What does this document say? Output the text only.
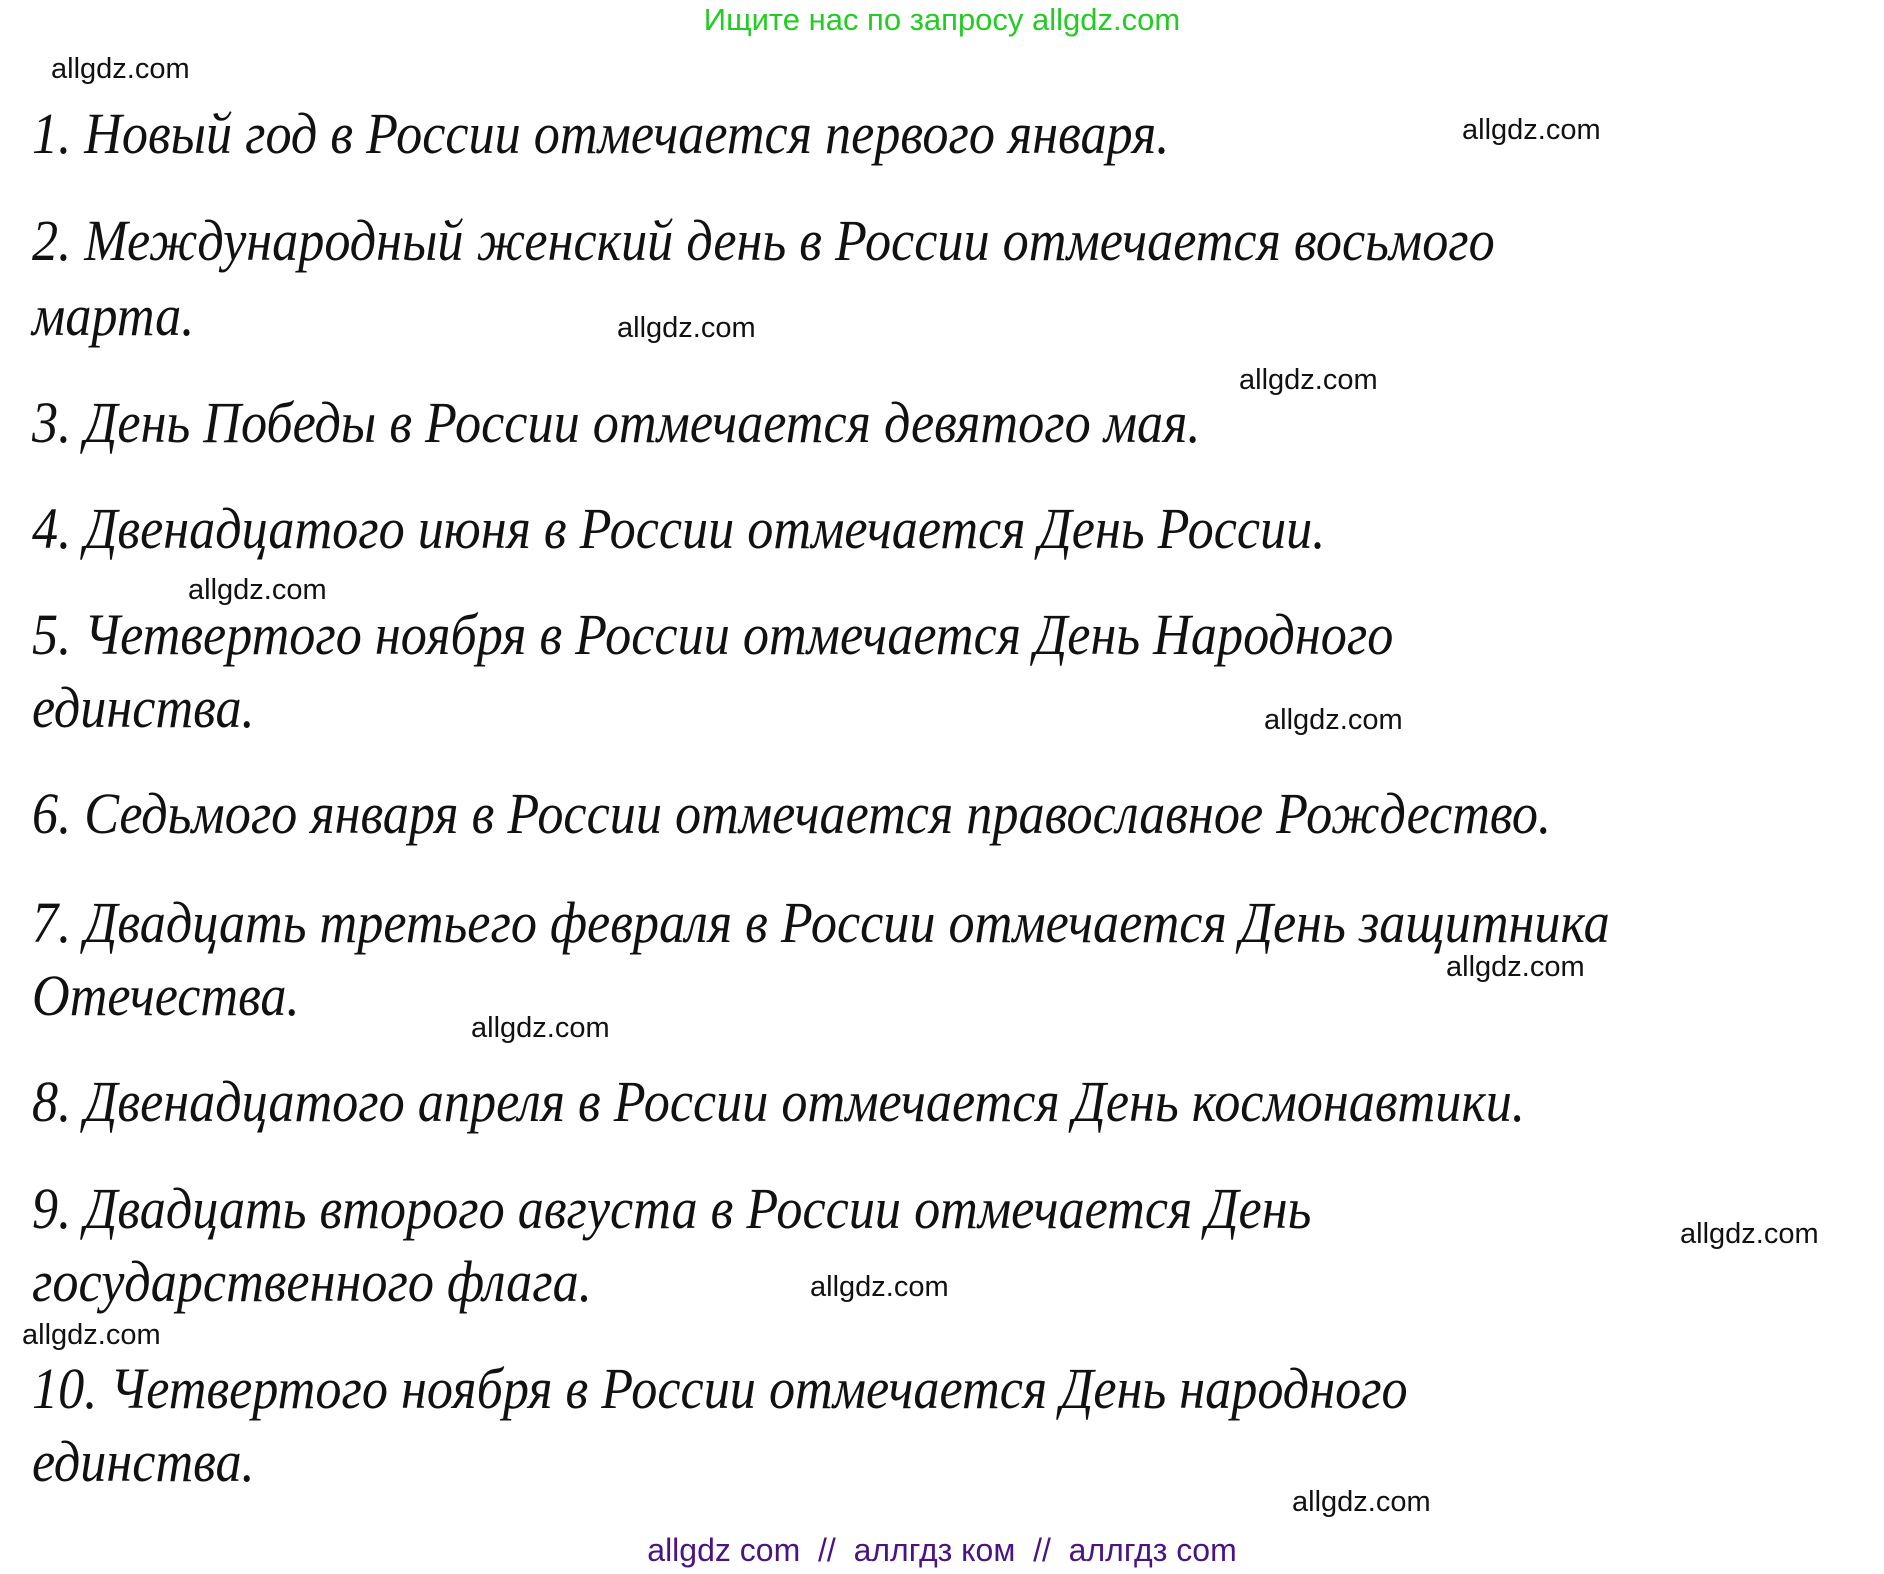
Ищите нас по запросу allgdz.com
1. Новый год в России отмечается первого января.
2. Международный женский день в России отмечается восьмого
марта.
3. День Победы в России отмечается девятого мая.
4. Двенадцатого июня в России отмечается День России.
5. Четвертого ноября в России отмечается День Народного
единства.
6. Седьмого января в России отмечается православное Рождество.
7. Двадцать третьего февраля в России отмечается День защитника
Отечества.
8. Двенадцатого апреля в России отмечается День космонавтики.
9. Двадцать второго августа в России отмечается День
государственного флага.
10. Четвертого ноября в России отмечается День народного
единства.
allgdz.com
allgdz.com
allgdz.com
allgdz.com
allgdz.com
allgdz.com
allgdz.com
allgdz.com
allgdz.com
allgdz.com
allgdz.com
allgdz.com
allgdz com  //  аллгдз ком  //  аллгдз com
